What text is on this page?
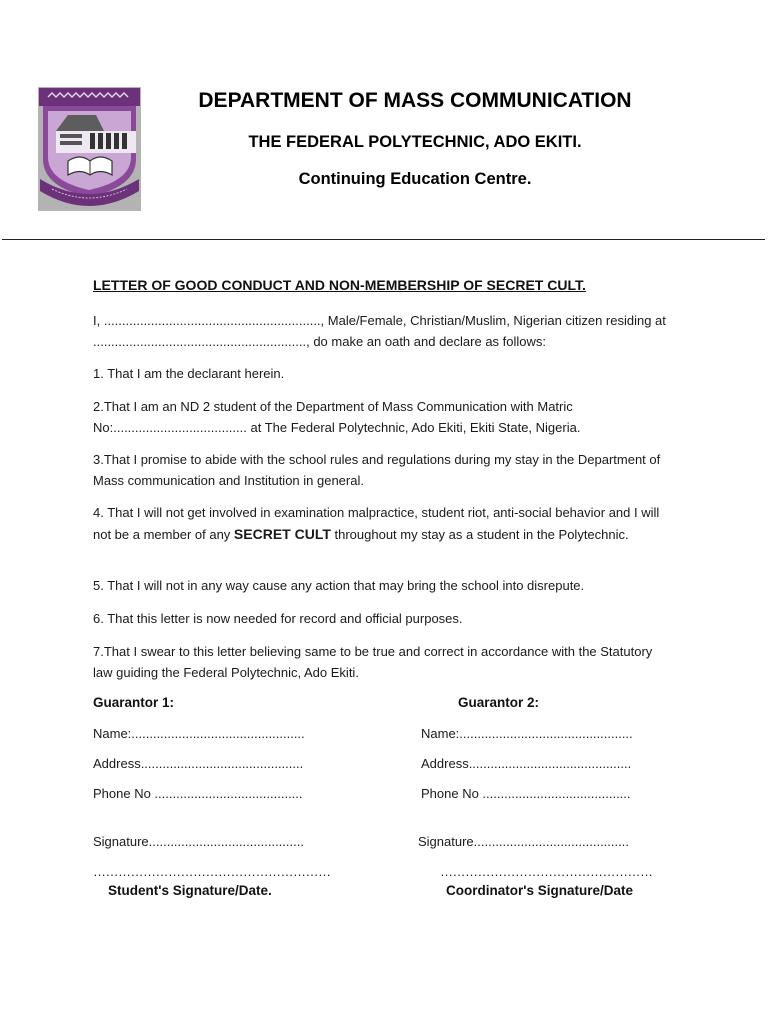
DEPARTMENT OF MASS COMMUNICATION
THE FEDERAL POLYTECHNIC, ADO EKITI.
Continuing Education Centre.
LETTER OF GOOD CONDUCT AND NON-MEMBERSHIP OF SECRET CULT.
I, ............................................................, Male/Female, Christian/Muslim, Nigerian citizen residing at ..........................................................., do make an oath and declare as follows:
1. That I am the declarant herein.
2.That I am an ND 2 student of the Department of Mass Communication with Matric No:..................................... at The Federal Polytechnic, Ado Ekiti, Ekiti State, Nigeria.
3.That I promise to abide with the school rules and regulations during my stay in the Department of Mass communication and Institution in general.
4. That I will not get involved in examination malpractice, student riot, anti-social behavior and I will not be a member of any SECRET CULT throughout my stay as a student in the Polytechnic.
5. That I will not in any way cause any action that may bring the school into disrepute.
6. That this letter is now needed for record and official purposes.
7.That I swear to this letter believing same to be true and correct in accordance with the Statutory law guiding the Federal Polytechnic, Ado Ekiti.
Guarantor 1:	Guarantor 2:
Name:................................................	Name:................................................
Address.............................................	Address.............................................
Phone No .........................................	Phone No .........................................
Signature...........................................	Signature...........................................
…………………………………………………	……………………………………………
Student's Signature/Date.	Coordinator's Signature/Date
